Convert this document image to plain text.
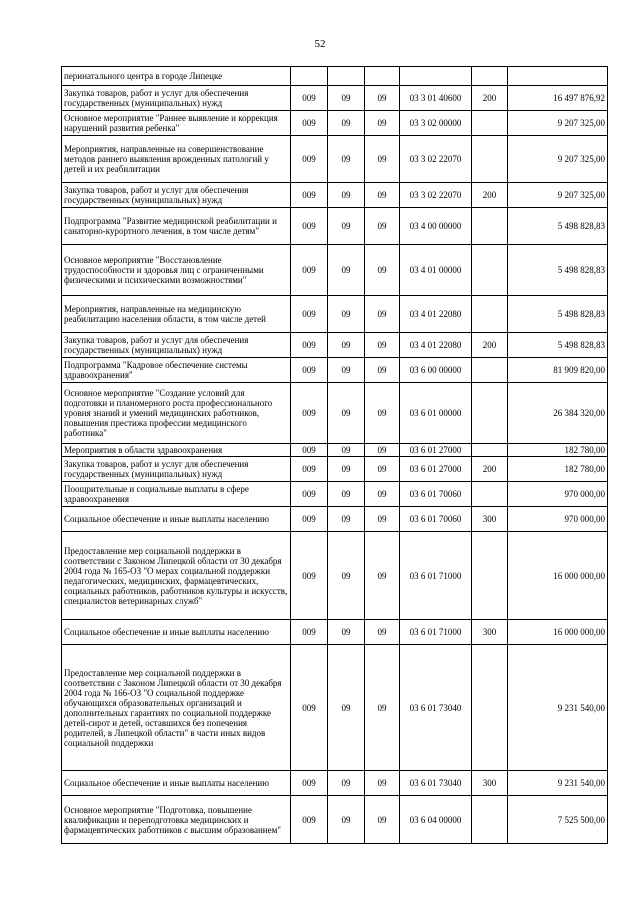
52
перинатального центра в городе Липецке						
Закупка товаров, работ и услуг для обеспечения государственных (муниципальных) нужд	009	09	09	03 3 01 40600	200	16 497 876,92
Основное мероприятие "Раннее выявление и коррекция нарушений развития ребенка"	009	09	09	03 3 02 00000		9 207 325,00
Мероприятия, направленные на совершенствование методов раннего выявления врожденных патологий у детей и их реабилитации	009	09	09	03 3 02 22070		9 207 325,00
Закупка товаров, работ и услуг для обеспечения государственных (муниципальных) нужд	009	09	09	03 3 02 22070	200	9 207 325,00
Подпрограмма "Развитие медицинской реабилитации и санаторно-курортного лечения, в том числе детям"	009	09	09	03 4 00 00000		5 498 828,83
Основное мероприятие "Восстановление трудоспособности и здоровья лиц с ограниченными физическими и психическими возможностями"	009	09	09	03 4 01 00000		5 498 828,83
Мероприятия, направленные на медицинскую реабилитацию населения области, в том числе детей	009	09	09	03 4 01 22080		5 498 828,83
Закупка товаров, работ и услуг для обеспечения государственных (муниципальных) нужд	009	09	09	03 4 01 22080	200	5 498 828,83
Подпрограмма "Кадровое обеспечение системы здравоохранения"	009	09	09	03 6 00 00000		81 909 820,00
Основное мероприятие "Создание условий для подготовки и планомерного роста профессионального уровня знаний и умений медицинских работников, повышения престижа профессии медицинского работника"	009	09	09	03 6 01 00000		26 384 320,00
Мероприятия в области здравоохранения	009	09	09	03 6 01 27000		182 780,00
Закупка товаров, работ и услуг для обеспечения государственных (муниципальных) нужд	009	09	09	03 6 01 27000	200	182 780,00
Поощрительные и социальные выплаты в сфере здравоохранения	009	09	09	03 6 01 70060		970 000,00
Социальное обеспечение и иные выплаты населению	009	09	09	03 6 01 70060	300	970 000,00
Предоставление мер социальной поддержки в соответствии с Законом Липецкой области от 30 декабря 2004 года № 165-ОЗ "О мерах социальной поддержки педагогических, медицинских, фармацевтических, социальных работников, работников культуры и искусств, специалистов ветеринарных служб"	009	09	09	03 6 01 71000		16 000 000,00
Социальное обеспечение и иные выплаты населению	009	09	09	03 6 01 71000	300	16 000 000,00
Предоставление мер социальной поддержки в соответствии с Законом Липецкой области от 30 декабря 2004 года № 166-ОЗ "О социальной поддержке обучающихся образовательных организаций и дополнительных гарантиях по социальной поддержке детей-сирот и детей, оставшихся без попечения родителей, в Липецкой области" в части иных видов социальной поддержки	009	09	09	03 6 01 73040		9 231 540,00
Социальное обеспечение и иные выплаты населению	009	09	09	03 6 01 73040	300	9 231 540,00
Основное мероприятие "Подготовка, повышение квалификации и переподготовка медицинских и фармацевтических работников с высшим образованием"	009	09	09	03 6 04 00000		7 525 500,00
